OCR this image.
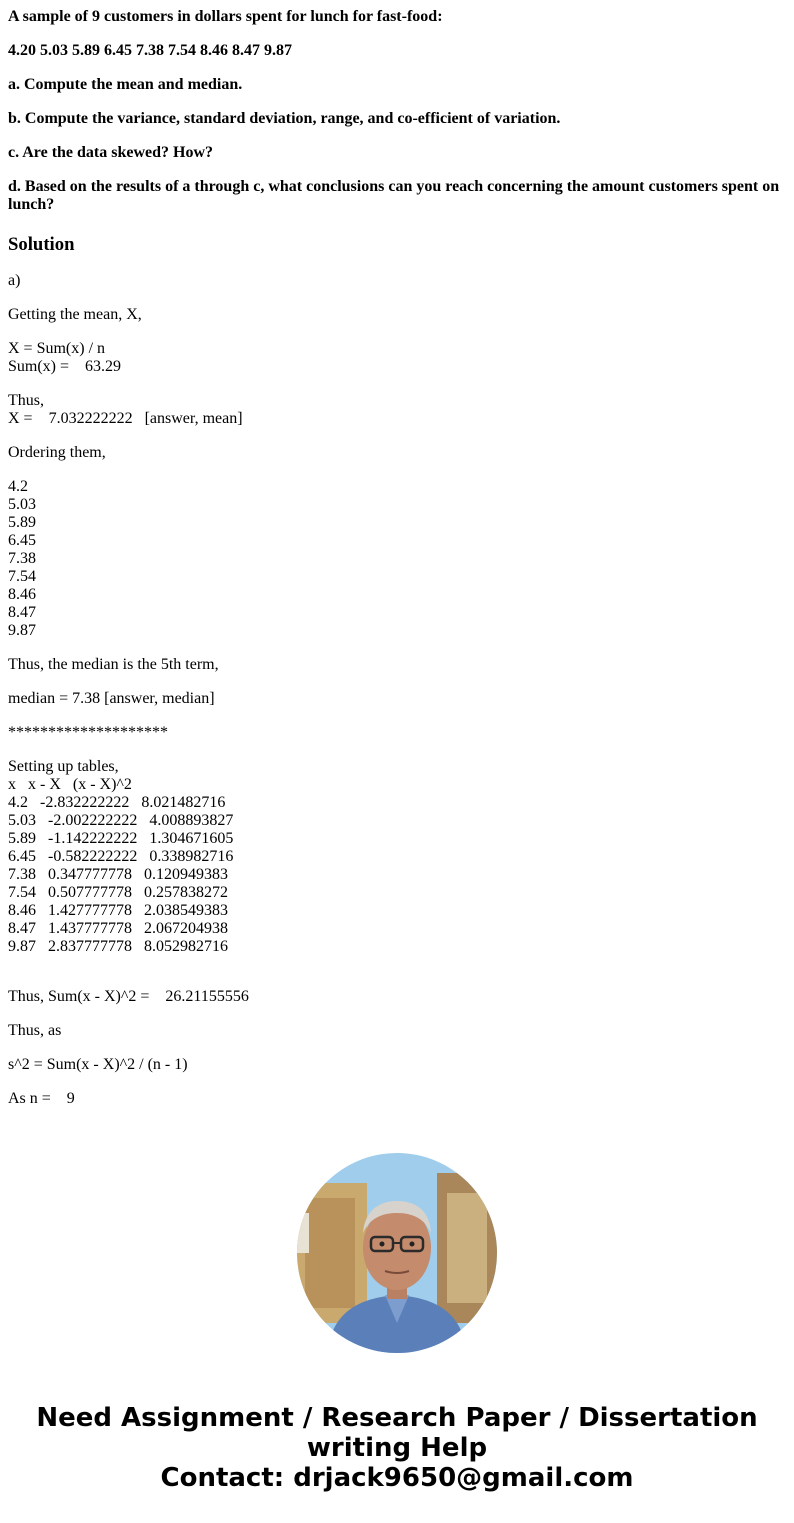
A sample of 9 customers in dollars spent for lunch for fast-food:

4.20 5.03 5.89 6.45 7.38 7.54 8.46 8.47 9.87

a. Compute the mean and median.

b. Compute the variance, standard deviation, range, and co-efficient of variation.

c. Are the data skewed? How?

d. Based on the results of a through c, what conclusions can you reach concerning the amount customers spent on lunch?

Solution

a)

Getting the mean, X,

X = Sum(x) / n

Sum(x) =    63.29

Thus,

X =    7.032222222   [answer, mean]

Ordering them,

4.2

5.03

5.89

6.45

7.38

7.54

8.46

8.47

9.87

Thus, the median is the 5th term,

median = 7.38 [answer, median]

********************

Setting up tables,

x   x - X   (x - X)^2

4.2   -2.832222222   8.021482716

5.03   -2.002222222   4.008893827

5.89   -1.142222222   1.304671605

6.45   -0.582222222   0.338982716

7.38   0.347777778   0.120949383

7.54   0.507777778   0.257838272

8.46   1.427777778   2.038549383

8.47   1.437777778   2.067204938

9.87   2.837777778   8.052982716

Thus, Sum(x - X)^2 =    26.21155556

Thus, as

s^2 = Sum(x - X)^2 / (n - 1)

As n =    9

Need Assignment / Research Paper / Dissertation
writing Help
Contact: drjack9650@gmail.com
